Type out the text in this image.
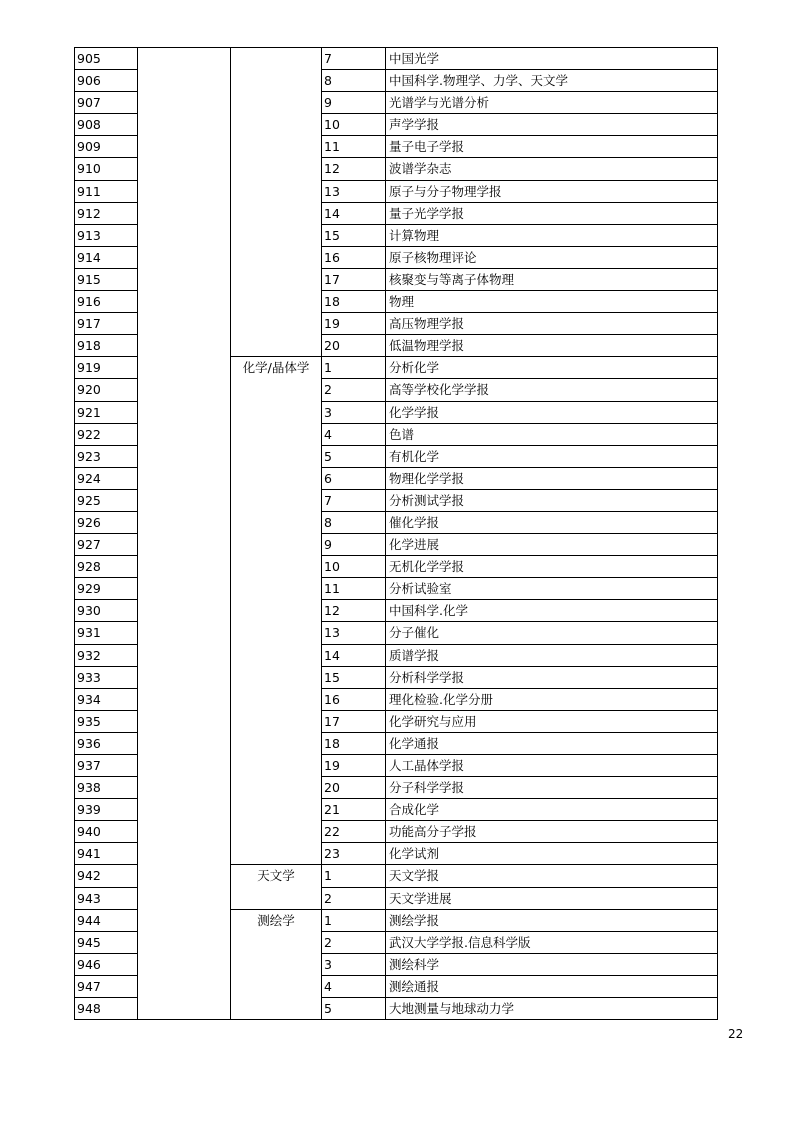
905			7	中国光学
906			8	中国科学.物理学、力学、天文学
907			9	光谱学与光谱分析
908			10	声学学报
909			11	量子电子学报
910			12	波谱学杂志
911			13	原子与分子物理学报
912			14	量子光学学报
913			15	计算物理
914			16	原子核物理评论
915			17	核聚变与等离子体物理
916			18	物理
917			19	高压物理学报
918			20	低温物理学报
919		化学/晶体学	1	分析化学
920			2	高等学校化学学报
921			3	化学学报
922			4	色谱
923			5	有机化学
924			6	物理化学学报
925			7	分析测试学报
926			8	催化学报
927			9	化学进展
928			10	无机化学学报
929			11	分析试验室
930			12	中国科学.化学
931			13	分子催化
932			14	质谱学报
933			15	分析科学学报
934			16	理化检验.化学分册
935			17	化学研究与应用
936			18	化学通报
937			19	人工晶体学报
938			20	分子科学学报
939			21	合成化学
940			22	功能高分子学报
941			23	化学试剂
942		天文学	1	天文学报
943			2	天文学进展
944		测绘学	1	测绘学报
945			2	武汉大学学报.信息科学版
946			3	测绘科学
947			4	测绘通报
948			5	大地测量与地球动力学
22
